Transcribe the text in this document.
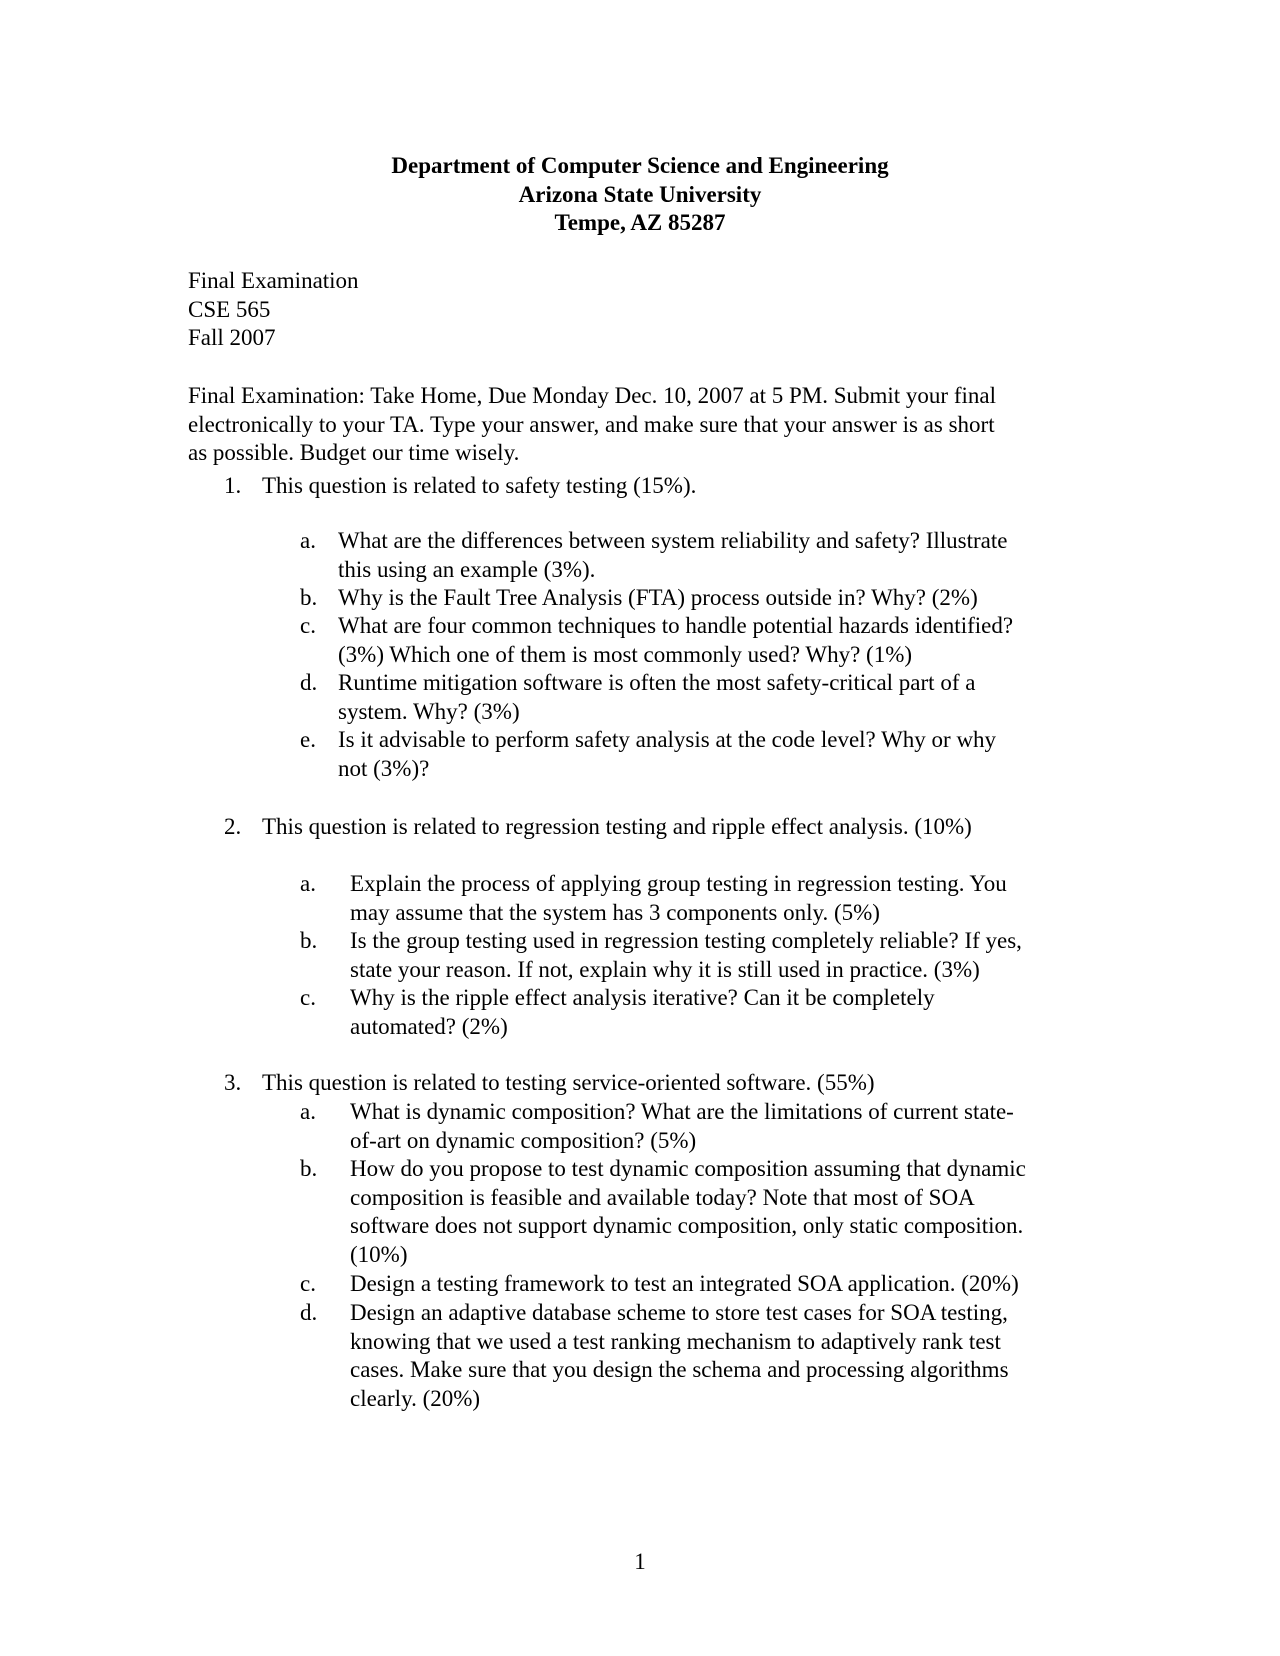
Department of Computer Science and Engineering
Arizona State University
Tempe, AZ 85287
Final Examination
CSE 565
Fall 2007
Final Examination: Take Home, Due Monday Dec. 10, 2007 at 5 PM. Submit your final
electronically to your TA. Type your answer, and make sure that your answer is as short
as possible. Budget our time wisely.
1. This question is related to safety testing (15%).
a. What are the differences between system reliability and safety? Illustrate
this using an example (3%).
b. Why is the Fault Tree Analysis (FTA) process outside in? Why? (2%)
c. What are four common techniques to handle potential hazards identified?
(3%) Which one of them is most commonly used? Why? (1%)
d. Runtime mitigation software is often the most safety-critical part of a
system. Why? (3%)
e. Is it advisable to perform safety analysis at the code level? Why or why
not (3%)?
2. This question is related to regression testing and ripple effect analysis. (10%)
a. Explain the process of applying group testing in regression testing. You
may assume that the system has 3 components only. (5%)
b. Is the group testing used in regression testing completely reliable? If yes,
state your reason. If not, explain why it is still used in practice. (3%)
c. Why is the ripple effect analysis iterative? Can it be completely
automated? (2%)
3. This question is related to testing service-oriented software. (55%)
a. What is dynamic composition? What are the limitations of current state-
of-art on dynamic composition? (5%)
b. How do you propose to test dynamic composition assuming that dynamic
composition is feasible and available today? Note that most of SOA
software does not support dynamic composition, only static composition.
(10%)
c. Design a testing framework to test an integrated SOA application. (20%)
d. Design an adaptive database scheme to store test cases for SOA testing,
knowing that we used a test ranking mechanism to adaptively rank test
cases. Make sure that you design the schema and processing algorithms
clearly. (20%)
1
